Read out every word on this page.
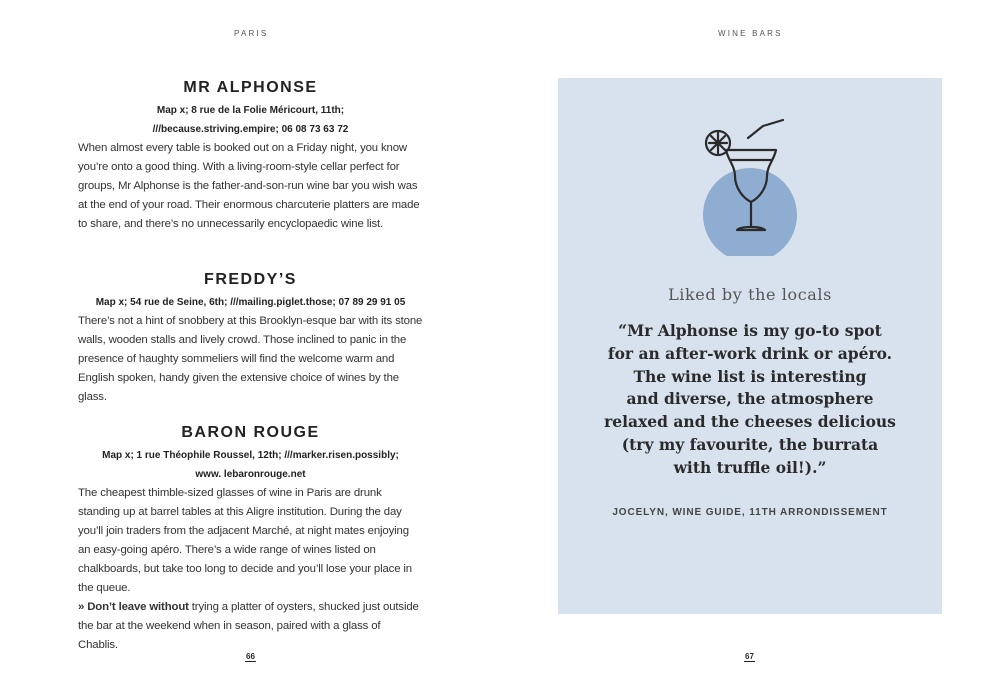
PARIS	WINE BARS
MR ALPHONSE

Map x; 8 rue de la Folie Méricourt, 11th;

///because.striving.empire; 06 08 73 63 72

When almost every table is booked out on a Friday night, you know you’re onto a good thing. With a living-room-style cellar perfect for groups, Mr Alphonse is the father-and-son-run wine bar you wish was at the end of your road. Their enormous charcuterie platters are made to share, and there’s no unnecessarily encyclopaedic wine list.

FREDDY’S

Map x; 54 rue de Seine, 6th; ///mailing.piglet.those; 07 89 29 91 05

There’s not a hint of snobbery at this Brooklyn-esque bar with its stone walls, wooden stalls and lively crowd. Those inclined to panic in the presence of haughty sommeliers will find the welcome warm and English spoken, handy given the extensive choice of wines by the glass.

BARON ROUGE

Map x; 1 rue Théophile Roussel, 12th; ///marker.risen.possibly;

www. lebaronrouge.net

The cheapest thimble-sized glasses of wine in Paris are drunk standing up at barrel tables at this Aligre institution. During the day you’ll join traders from the adjacent Marché, at night mates enjoying an easy-going apéro. There’s a wide range of wines listed on chalkboards, but take too long to decide and you’ll lose your place in the queue.

» Don’t leave without trying a platter of oysters, shucked just outside the bar at the weekend when in season, paired with a glass of Chablis.

66	67
Liked by the locals
“Mr Alphonse is my go-to spot
for an after-work drink or apéro.
The wine list is interesting
and diverse, the atmosphere
relaxed and the cheeses delicious
(try my favourite, the burrata
with truffle oil!).”
JOCELYN, WINE GUIDE, 11TH ARRONDISSEMENT
